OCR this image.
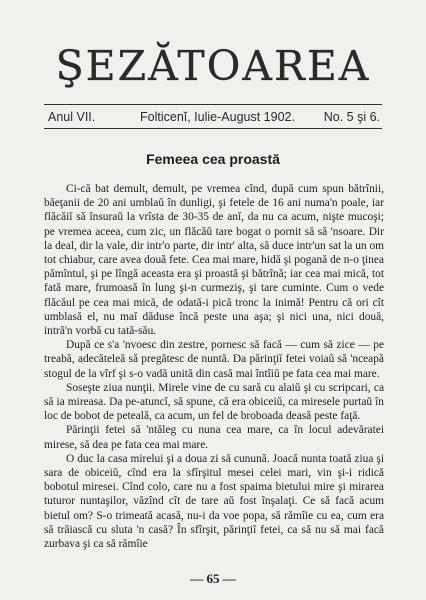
ŞEZĂTOAREA
Anul VII.	Folticenĭ, Iulie-August 1902. No. 5 şi 6.
Femeea cea proastă

Ci-că bat demult, demult, pe vremea cînd, după cum spun bătrînii, băeţanii de 20 ani umblaŭ în dunligi, şi fetele de 16 ani numa'n poale, iar flăcăiĭ să însuraŭ la vrîsta de 30-35 de anĭ, da nu ca acum, nişte mucoşi; pe vremea aceea, cum zic, un flăcăŭ tare bogat o pornit să să 'nsoare. Dir la deal, dir la vale, dir intr'o parte, dir intr' alta, să duce intr'un sat la un om tot chiabur, care avea două fete. Cea mai mare, hidă şi pogană de n-o ţinea pămîntul, şi pe lîngă aceasta era şi proastă şi bătrînă; iar cea mai mică, tot fată mare, frumoasă în lung şi-n curmeziş, şi tare cuminte. Cum o vede flăcăul pe cea mai mică, de odată-i pică tronc la inimă! Pentru că ori cît umblasă el, nu maĭ dăduse încă peste una aşa; şi nici una, nici două, intră'n vorbă cu tată-său.

După ce s'a 'nvoesc din zestre, pornesc să facă — cum să zice — pe treabă, adecăteleă să pregătesc de nuntă. Da părinţiĭ fetei voiaŭ să 'nceapă stogul de la vîrf şi s-o vadă unită din casă mai întîiŭ pe fata cea mai mare.

Soseşte ziua nunţii. Mirele vine de cu sară cu alaiŭ şi cu scripcari, ca să ia mireasa. Da pe-atuncĭ, să spune, că era obiceiŭ, ca miresele purtaŭ în loc de bobot de peteală, ca acum, un fel de broboada deasă peste faţă.

Părinţii fetei să 'ntăleg cu nuna cea mare, ca în locul adevăratei mirese, să dea pe fata cea mai mare.

O duc la casa mirelui şi a doua zi să cunună. Joacă nunta toată ziua şi sara de obiceiŭ, cînd era la sfîrşitul mesei celei mari, vin şi-i ridică bobotul miresei. Cînd colo, care nu a fost spaima bietului mire şi mirarea tuturor nuntaşilor, văzînd cît de tare aŭ fost înşalaţi. Ce să facă acum bietul om? S-o trimeată acasă, nu-i da voe popa, să rămîie cu ea, cum era să trăiască cu sluta 'n casă? În sfîrşit, părinţiĭ fetei, ca să nu să mai facă zurbava şi ca să rămîie

— 65 —
